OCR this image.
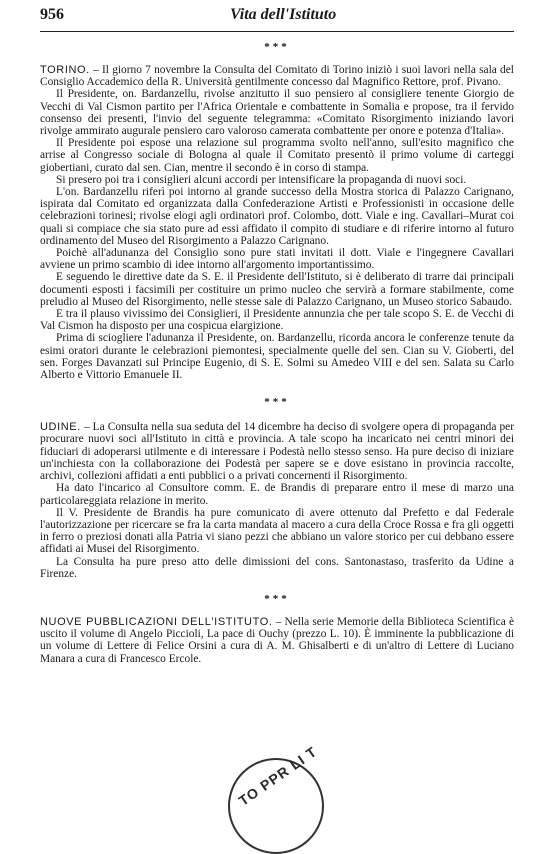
956	Vita dell'Istituto
***

TORINO. – Il giorno 7 novembre la Consulta del Comitato di Torino iniziò i suoi lavori nella sala del Consiglio Accademico della R. Università gentilmente concesso dal Magnifico Rettore, prof. Pivano.

Il Presidente, on. Bardanzellu, rivolse anzitutto il suo pensiero al consigliere tenente Giorgio de Vecchi di Val Cismon partito per l'Africa Orientale e combattente in Somalia e propose, tra il fervido consenso dei presenti, l'invio del seguente telegramma: «Comitato Risorgimento iniziando lavori rivolge ammirato augurale pensiero caro valoroso camerata combattente per onore e potenza d'Italia».

Il Presidente poi espose una relazione sul programma svolto nell'anno, sull'esito magnifico che arrise al Congresso sociale di Bologna al quale il Comitato presentò il primo volume di carteggi giobertiani, curato dal sen. Cian, mentre il secondo è in corso di stampa.

Si presero poi tra i consiglieri alcuni accordi per intensificare la propaganda di nuovi soci.

L'on. Bardanzellu riferì poi intorno al grande successo della Mostra storica di Palazzo Carignano, ispirata dal Comitato ed organizzata dalla Confederazione Artisti e Professionisti in occasione delle celebrazioni torinesi; rivolse elogi agli ordinatori prof. Colombo, dott. Viale e ing. Cavallari–Murat coi quali si compiace che sia stato pure ad essi affidato il compito di studiare e di riferire intorno al futuro ordinamento del Museo del Risorgimento a Palazzo Carignano.

Poichè all'adunanza del Consiglio sono pure stati invitati il dott. Viale e l'ingegnere Cavallari avviene un primo scambio di idee intorno all'argomento importantissimo.

E seguendo le direttive date da S. E. il Presidente dell'Istituto, si è deliberato di trarre dai principali documenti esposti i facsimili per costituire un primo nucleo che servirà a formare stabilmente, come preludio al Museo del Risorgimento, nelle stesse sale di Palazzo Carignano, un Museo storico Sabaudo.

E tra il plauso vivissimo dei Consiglieri, il Presidente annunzia che per tale scopo S. E. de Vecchi di Val Cismon ha disposto per una cospicua elargizione.

Prima di sciogliere l'adunanza il Presidente, on. Bardanzellu, ricorda ancora le conferenze tenute da esimi oratori durante le celebrazioni piemontesi, specialmente quelle del sen. Cian su V. Gioberti, del sen. Forges Davanzati sul Principe Eugenio, di S. E. Solmi su Amedeo VIII e del sen. Salata su Carlo Alberto e Vittorio Emanuele II.

***

UDINE. – La Consulta nella sua seduta del 14 dicembre ha deciso di svolgere opera di propaganda per procurare nuovi soci all'Istituto in città e provincia. A tale scopo ha incaricato nei centri minori dei fiduciari di adoperarsi utilmente e di interessare i Podestà nello stesso senso. Ha pure deciso di iniziare un'inchiesta con la collaborazione dei Podestà per sapere se e dove esistano in provincia raccolte, archivi, collezioni affidati a enti pubblici o a privati concernenti il Risorgimento.

Ha dato l'incarico al Consultore comm. E. de Brandis di preparare entro il mese di marzo una particolareggiata relazione in merito.

Il V. Presidente de Brandis ha pure comunicato di avere ottenuto dal Prefetto e dal Federale l'autorizzazione per ricercare se fra la carta mandata al macero a cura della Croce Rossa e fra gli oggetti in ferro o preziosi donati alla Patria vi siano pezzi che abbiano un valore storico per cui debbano essere affidati ai Musei del Risorgimento.

La Consulta ha pure preso atto delle dimissioni del cons. Santonastaso, trasferito da Udine a Firenze.

***

NUOVE PUBBLICAZIONI DELL'ISTITUTO. – Nella serie Memorie della Biblioteca Scientifica è uscito il volume di Angelo Piccioli, La pace di Ouchy (prezzo L. 10). È imminente la pubblicazione di un volume di Lettere di Felice Orsini a cura di A. M. Ghisalberti e di un'altro di Lettere di Luciano Manara a cura di Francesco Ercole.

TO PPR LI T
